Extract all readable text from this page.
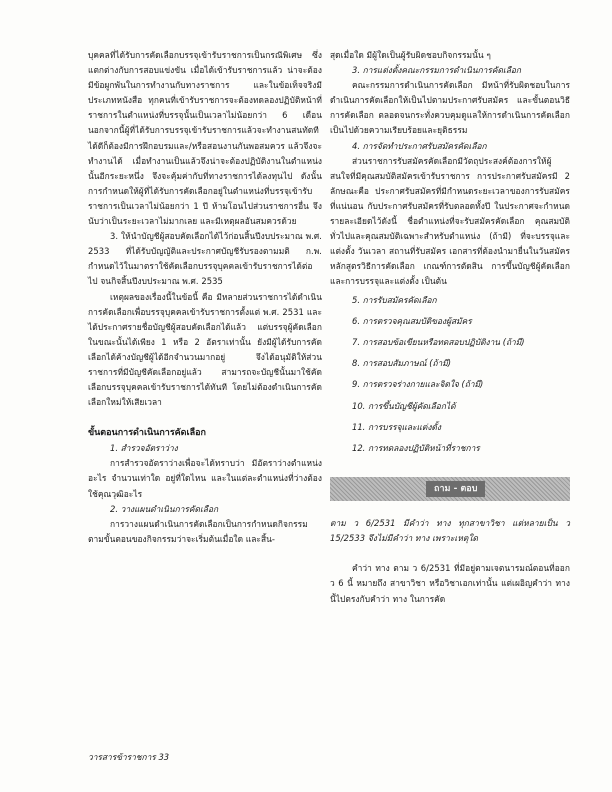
บุคคลที่ได้รับการคัดเลือกบรรจุเข้ารับราชการเป็นกรณีพิเศษ ซึ่งแตกต่างกับการสอบแข่งขัน เมื่อได้เข้ารับราชการแล้ว น่าจะต้องมีข้อผูกพันในการทำงานกับทางราชการ และในข้อเท็จจริงมีประเภทหนังสือ ทุกคนที่เข้ารับราชการจะต้องทดลองปฏิบัติหน้าที่ราชการในตำแหน่งที่บรรจุนั้นเป็นเวลาไม่น้อยกว่า 6 เดือน นอกจากนี้ผู้ที่ได้รับการบรรจุเข้ารับราชการแล้วจะทำงานสนทัดทีได้ดีก็ต้องมีการฝึกอบรมและ/หรือสอนงานกันพอสมควร แล้วจึงจะทำงานได้ เมื่อทำงานเป็นแล้วจึงน่าจะต้องปฏิบัติงานในตำแหน่งนั้นอีกระยะหนึ่ง จึงจะคุ้มค่ากับที่ทางราชการได้ลงทุนไป ดังนั้นการกำหนดให้ผู้ที่ได้รับการคัดเลือกอยู่ในตำแหน่งที่บรรจุเข้ารับราชการเป็นเวลาไม่น้อยกว่า 1 ปี ห้ามโอนไปส่วนราชการอื่น จึงนับว่าเป็นระยะเวลาไม่มากเลย และมีเหตุผลอันสมควรด้วย

3. ให้นำบัญชีผู้สอบคัดเลือกได้ไว้ก่อนสิ้นปีงบประมาณ พ.ศ. 2533 ที่ได้รับบัญญัติและประกาศบัญชีรับรองตามมติ ก.พ. กำหนดไว้ในมาตราใช้คัดเลือกบรรจุบุคคลเข้ารับราชการได้ต่อไป จนกิจสิ้นปีงบประมาณ พ.ศ. 2535

เหตุผลของเรื่องนี้ในข้อนี้ คือ มีหลายส่วนราชการได้ดำเนินการคัดเลือกเพื่อบรรจุบุคคลเข้ารับราชการตั้งแต่ พ.ศ. 2531 และได้ประกาศรายชื่อบัญชีผู้สอบคัดเลือกได้แล้ว แต่บรรจุผู้คัดเลือกในขณะนั้นได้เพียง 1 หรือ 2 อัตราเท่านั้น ยังมีผู้ได้รับการคัดเลือกได้ค้างบัญชีผู้ได้อีกจำนวนมากอยู่ จึงได้อนุมัติให้ส่วนราชการที่มีบัญชีคัดเลือกอยู่แล้ว สามารถจะบัญชีนั้นมาใช้คัดเลือกบรรจุบุคคลเข้ารับราชการได้ทันที โดยไม่ต้องดำเนินการคัดเลือกใหม่ให้เสียเวลา

ขั้นตอนการดำเนินการคัดเลือก

1. สำรวจอัตราว่าง

การสำรวจอัตราว่างเพื่อจะได้ทราบว่า มีอัตราว่างตำแหน่งอะไร จำนวนเท่าใด อยู่ที่ใดไหน และในแต่ละตำแหน่งที่ว่างต้องใช้คุณวุฒิอะไร

2. วางแผนดำเนินการคัดเลือก

การวางแผนดำเนินการคัดเลือกเป็นการกำหนดกิจกรรมตามขั้นตอนของกิจกรรมว่าจะเริ่มต้นเมื่อใด และสิ้น-

สุดเมื่อใด มีผู้ใดเป็นผู้รับผิดชอบกิจกรรมนั้น ๆ

3. การแต่งตั้งคณะกรรมการดำเนินการคัดเลือก

คณะกรรมการดำเนินการคัดเลือก มีหน้าที่รับผิดชอบในการดำเนินการคัดเลือกให้เป็นไปตามประกาศรับสมัคร และขั้นตอนวิธีการคัดเลือก ตลอดจนกระทั่งควบคุมดูแลให้การดำเนินการคัดเลือกเป็นไปด้วยความเรียบร้อยและยุติธรรม

4. การจัดทำประกาศรับสมัครคัดเลือก

ส่วนราชการรับสมัครคัดเลือกมีวัตถุประสงค์ต้องการให้ผู้สนใจที่มีคุณสมบัติสมัครเข้ารับราชการ การประกาศรับสมัครมี 2 ลักษณะคือ ประกาศรับสมัครที่มีกำหนดระยะเวลาของการรับสมัครที่แน่นอน กับประกาศรับสมัครที่รับตลอดทั้งปี ในประกาศจะกำหนดรายละเอียดไว้ดังนี้ ชื่อตำแหน่งที่จะรับสมัครคัดเลือก คุณสมบัติทั่วไปและคุณสมบัติเฉพาะสำหรับตำแหน่ง (ถ้ามี) ที่จะบรรจุและแต่งตั้ง วันเวลา สถานที่รับสมัคร เอกสารที่ต้องนำมายื่นในวันสมัคร หลักสูตรวิธีการคัดเลือก เกณฑ์การตัดสิน การขึ้นบัญชีผู้คัดเลือก และการบรรจุและแต่งตั้ง เป็นต้น

5. การรับสมัครคัดเลือก
6. การตรวจคุณสมบัติของผู้สมัคร
7. การสอบข้อเขียนหรือทดสอบปฏิบัติงาน (ถ้ามี)
8. การสอบสัมภาษณ์ (ถ้ามี)
9. การตรวจร่างกายและจิตใจ (ถ้ามี)
10. การขึ้นบัญชีผู้คัดเลือกได้
11. การบรรจุและแต่งตั้ง
12. การทดลองปฏิบัติหน้าที่ราชการ
ถาม - ตอบ

ตาม ว 6/2531 มีคำว่า ทาง ทุกสาขาวิชา แต่หลายเป็น ว 15/2533 จึงไม่มีคำว่า ทาง เพราะเหตุใด

คำว่า ทาง ตาม ว 6/2531 ที่มีอยู่ตามเจตนารมณ์ตอนที่ออก ว 6 นี้ หมายถึง สาขาวิชา หรือวิชาเอกเท่านั้น แต่เผอิญคำว่า ทาง นี้ไปตรงกับคำว่า ทาง ในการคัด

วารสารข้าราชการ 33
